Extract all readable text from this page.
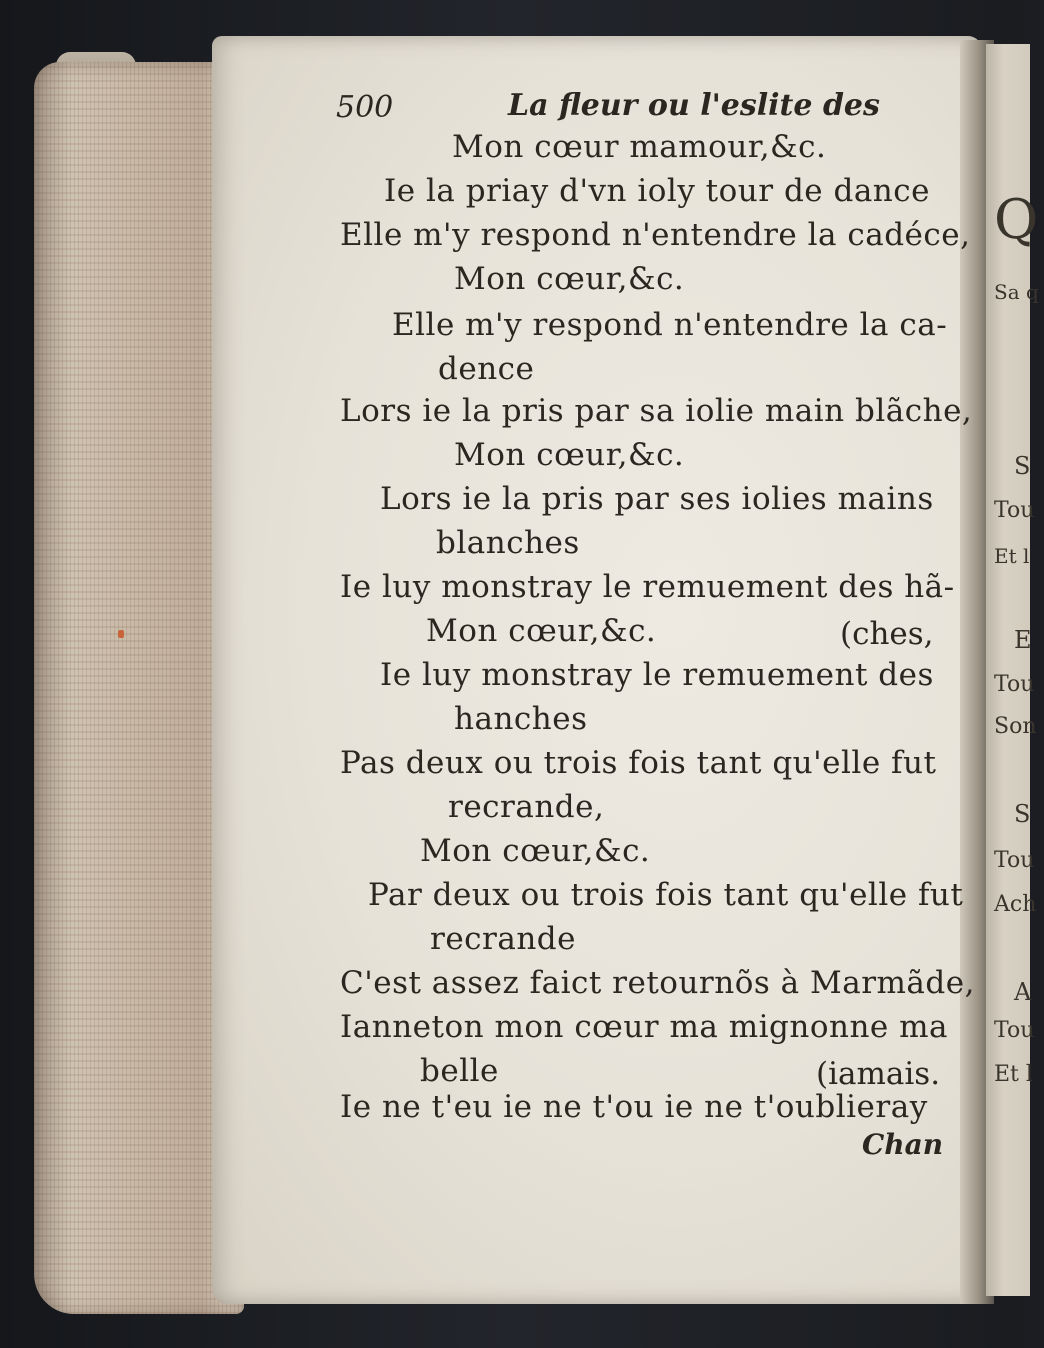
Q
Sa q
S
Tou
Et l
E
Tou
Son
S
Tou
Ach
A
Tou
Et l
500	La fleur ou l'eslite des
Mon cœur mamour,&c.
Ie la priay d'vn ioly tour de dance
Elle m'y respond n'entendre la cadéce,
Mon cœur,&c.
Elle m'y respond n'entendre la ca-
dence
Lors ie la pris par sa iolie main blãche,
Mon cœur,&c.
Lors ie la pris par ses iolies mains
blanches
Ie luy monstray le remuement des hã-
Mon cœur,&c.	(ches,
Ie luy monstray le remuement des
hanches
Pas deux ou trois fois tant qu'elle fut
recrande,
Mon cœur,&c.
Par deux ou trois fois tant qu'elle fut
recrande
C'est assez faict retournõs à Marmãde,
Ianneton mon cœur ma mignonne ma
belle	(iamais.
Ie ne t'eu ie ne t'ou ie ne t'oublieray
Chan
